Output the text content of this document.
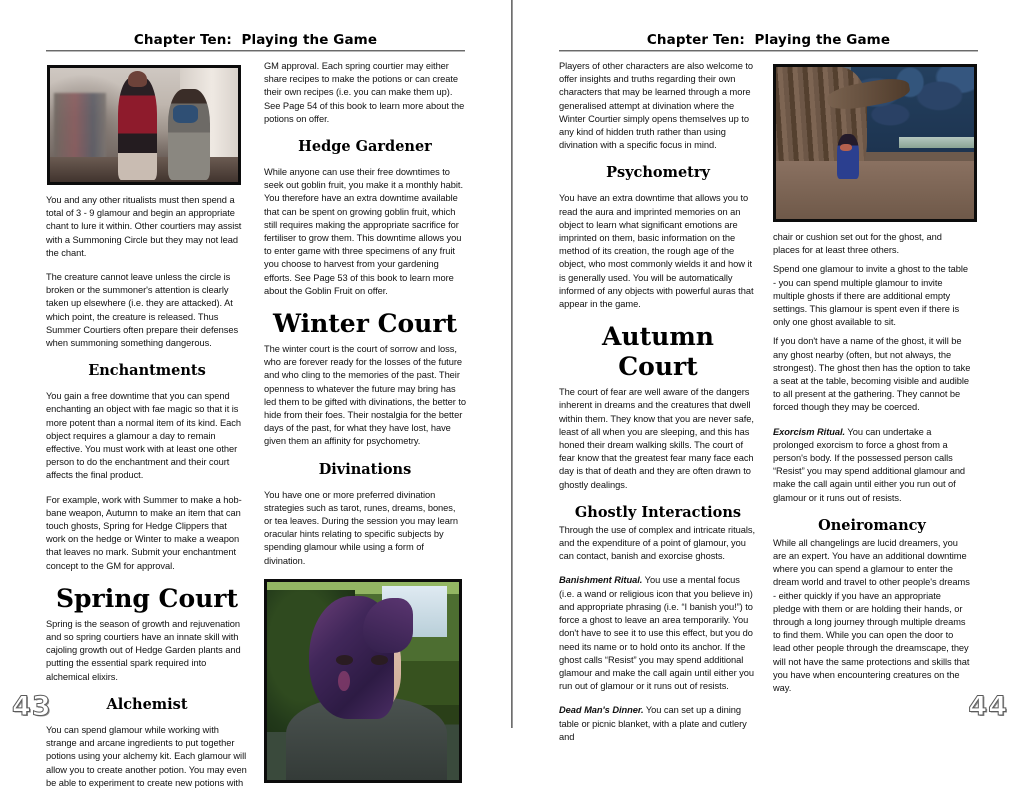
Chapter Ten:  Playing the Game

You and any other ritualists must then spend a total of 3 - 9 glamour and begin an appropriate chant to lure it within. Other courtiers may assist with a Summoning Circle but they may not lead the chant.

The creature cannot leave unless the circle is broken or the summoner's attention is clearly taken up elsewhere (i.e. they are attacked). At which point, the creature is released. Thus Summer Courtiers often prepare their defenses when summoning something dangerous.

Enchantments

You gain a free downtime that you can spend enchanting an object with fae magic so that it is more potent than a normal item of its kind. Each object requires a glamour a day to remain effective. You must work with at least one other person to do the enchantment and their court affects the final product.

For example, work with Summer to make a hob-bane weapon, Autumn to make an item that can touch ghosts, Spring for Hedge Clippers that work on the hedge or Winter to make a weapon that leaves no mark. Submit your enchantment concept to the GM for approval.

Spring Court

Spring is the season of growth and rejuvenation and so spring courtiers have an innate skill with cajoling growth out of Hedge Garden plants and putting the essential spark required into alchemical elixirs.

Alchemist

You can spend glamour while working with strange and arcane ingredients to put together potions using your alchemy kit. Each glamour will allow you to create another potion. You may even be able to experiment to create new potions with

GM approval. Each spring courtier may either share recipes to make the potions or can create their own recipes (i.e. you can make them up). See Page 54 of this book to learn more about the potions on offer.

Hedge Gardener

While anyone can use their free downtimes to seek out goblin fruit, you make it a monthly habit. You therefore have an extra downtime available that can be spent on growing goblin fruit, which still requires making the appropriate sacrifice for fertiliser to grow them. This downtime allows you to enter game with three specimens of any fruit you choose to harvest from your gardening efforts. See Page 53 of this book to learn more about the Goblin Fruit on offer.

Winter Court

The winter court is the court of sorrow and loss, who are forever ready for the losses of the future and who cling to the memories of the past. Their openness to whatever the future may bring has led them to be gifted with divinations, the better to hide from their foes. Their nostalgia for the better days of the past, for what they have lost, have given them an affinity for psychometry.

Divinations

You have one or more preferred divination strategies such as tarot, runes, dreams, bones, or tea leaves. During the session you may learn oracular hints relating to specific subjects by spending glamour while using a form of divination.

43
Chapter Ten:  Playing the Game

Players of other characters are also welcome to offer insights and truths regarding their own characters that may be learned through a more generalised attempt at divination where the Winter Courtier simply opens themselves up to any kind of hidden truth rather than using divination with a specific focus in mind.

Psychometry

You have an extra downtime that allows you to read the aura and imprinted memories on an object to learn what significant emotions are imprinted on them, basic information on the method of its creation, the rough age of the object, who most commonly wields it and how it is generally used. You will be automatically informed of any objects with powerful auras that appear in the game.

Autumn Court

The court of fear are well aware of the dangers inherent in dreams and the creatures that dwell within them. They know that you are never safe, least of all when you are sleeping, and this has honed their dream walking skills. The court of fear know that the greatest fear many face each day is that of death and they are often drawn to ghostly dealings.

Ghostly Interactions

Through the use of complex and intricate rituals, and the expenditure of a point of glamour, you can contact, banish and exorcise ghosts.

Banishment Ritual. You use a mental focus (i.e. a wand or religious icon that you believe in) and appropriate phrasing (i.e. “I banish you!”) to force a ghost to leave an area temporarily. You don't have to see it to use this effect, but you do need its name or to hold onto its anchor. If the ghost calls “Resist” you may spend additional glamour and make the call again until either you run out of glamour or it runs out of resists.

Dead Man's Dinner. You can set up a dining table or picnic blanket, with a plate and cutlery and

chair or cushion set out for the ghost, and places for at least three others.

Spend one glamour to invite a ghost to the table - you can spend multiple glamour to invite multiple ghosts if there are additional empty settings. This glamour is spent even if there is only one ghost available to sit.

If you don't have a name of the ghost, it will be any ghost nearby (often, but not always, the strongest). The ghost then has the option to take a seat at the table, becoming visible and audible to all present at the gathering. They cannot be forced though they may be coerced.

Exorcism Ritual. You can undertake a prolonged exorcism to force a ghost from a person's body. If the possessed person calls “Resist” you may spend additional glamour and make the call again until either you run out of glamour or it runs out of resists.

Oneiromancy

While all changelings are lucid dreamers, you are an expert. You have an additional downtime where you can spend a glamour to enter the dream world and travel to other people's dreams - either quickly if you have an appropriate pledge with them or are holding their hands, or through a long journey through multiple dreams to find them. While you can open the door to lead other people through the dreamscape, they will not have the same protections and skills that you have when encountering creatures on the way.

44
